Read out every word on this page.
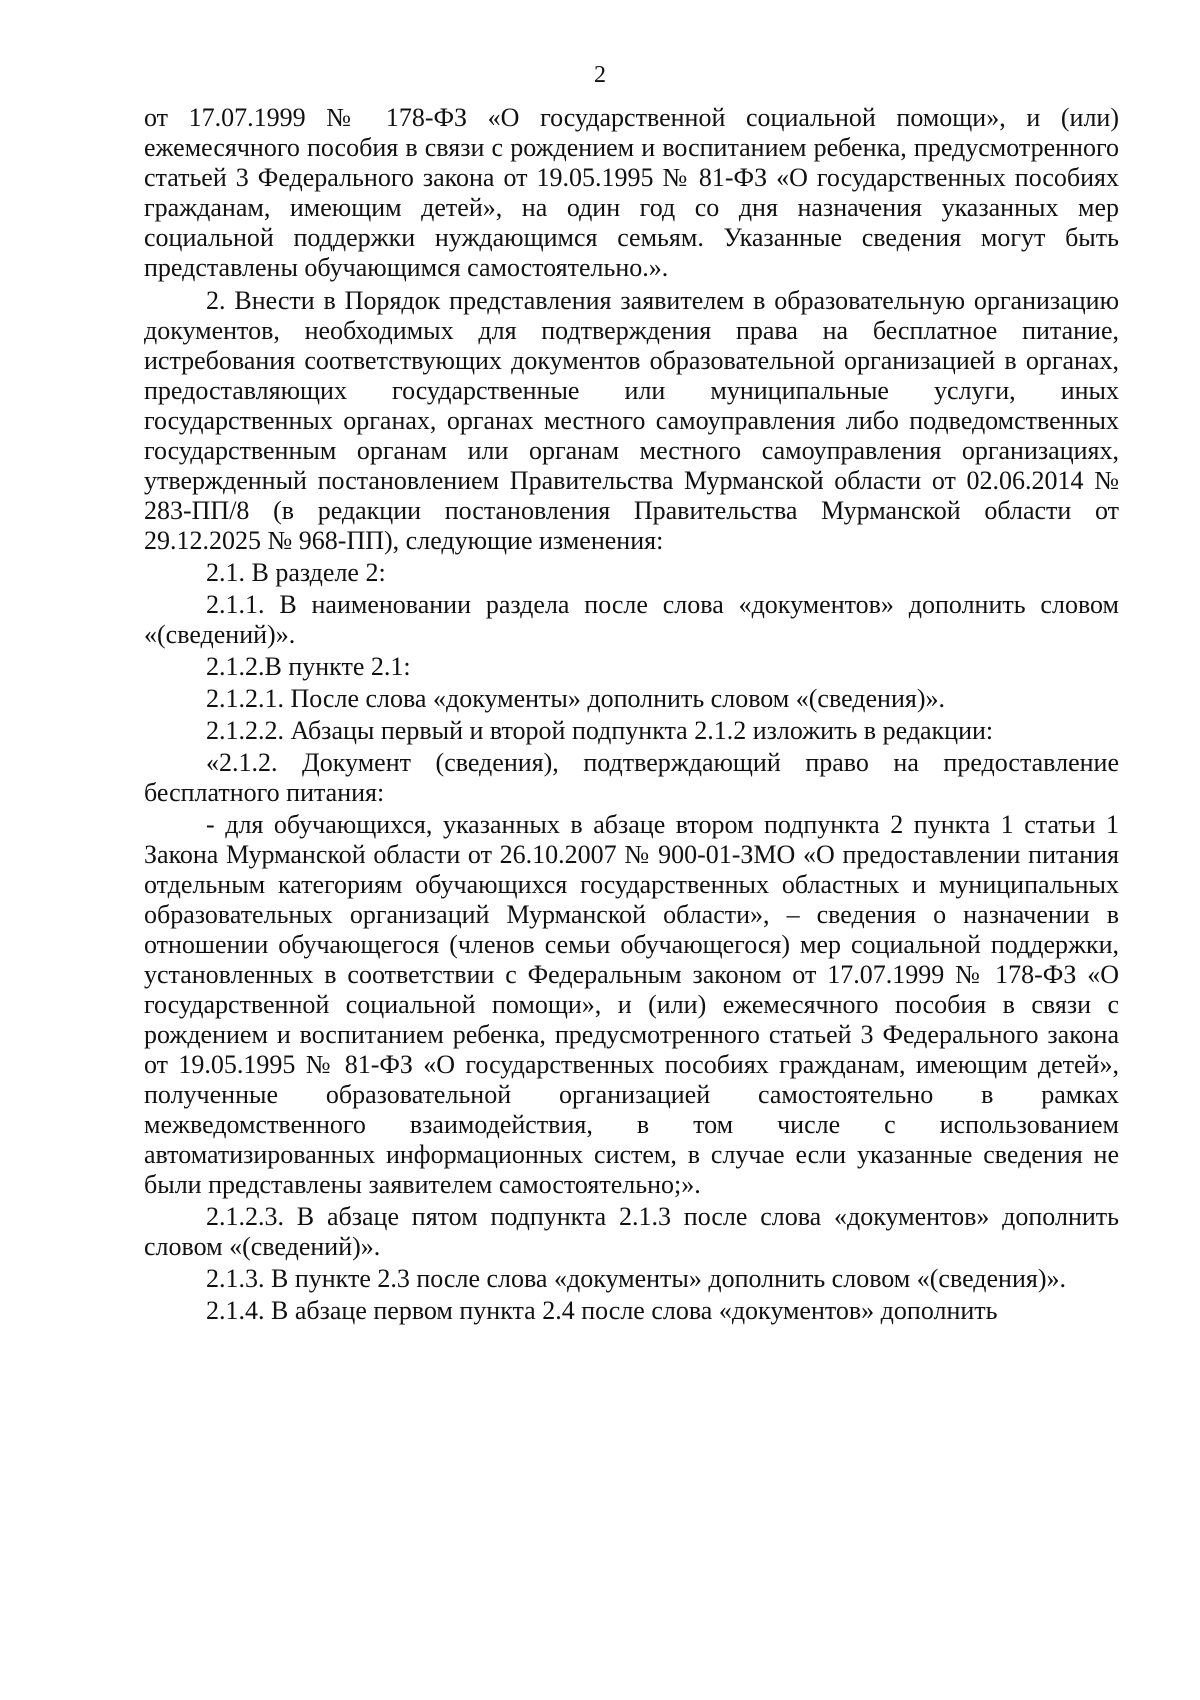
2

от 17.07.1999 № 178-ФЗ «О государственной социальной помощи», и (или) ежемесячного пособия в связи с рождением и воспитанием ребенка, предусмотренного статьей 3 Федерального закона от 19.05.1995 № 81-ФЗ «О государственных пособиях гражданам, имеющим детей», на один год со дня назначения указанных мер социальной поддержки нуждающимся семьям. Указанные сведения могут быть представлены обучающимся самостоятельно.».

2. Внести в Порядок представления заявителем в образовательную организацию документов, необходимых для подтверждения права на бесплатное питание, истребования соответствующих документов образовательной организацией в органах, предоставляющих государственные или муниципальные услуги, иных государственных органах, органах местного самоуправления либо подведомственных государственным органам или органам местного самоуправления организациях, утвержденный постановлением Правительства Мурманской области от 02.06.2014 № 283-ПП/8 (в редакции постановления Правительства Мурманской области от 29.12.2025 № 968-ПП), следующие изменения:

2.1. В разделе 2:

2.1.1. В наименовании раздела после слова «документов» дополнить словом «(сведений)».

2.1.2.В пункте 2.1:

2.1.2.1. После слова «документы» дополнить словом «(сведения)».

2.1.2.2. Абзацы первый и второй подпункта 2.1.2 изложить в редакции:

«2.1.2. Документ (сведения), подтверждающий право на предоставление бесплатного питания:

- для обучающихся, указанных в абзаце втором подпункта 2 пункта 1 статьи 1 Закона Мурманской области от 26.10.2007 № 900-01-ЗМО «О предоставлении питания отдельным категориям обучающихся государственных областных и муниципальных образовательных организаций Мурманской области», – сведения о назначении в отношении обучающегося (членов семьи обучающегося) мер социальной поддержки, установленных в соответствии с Федеральным законом от 17.07.1999 № 178-ФЗ «О государственной социальной помощи», и (или) ежемесячного пособия в связи с рождением и воспитанием ребенка, предусмотренного статьей 3 Федерального закона от 19.05.1995 № 81-ФЗ «О государственных пособиях гражданам, имеющим детей», полученные образовательной организацией самостоятельно в рамках межведомственного взаимодействия, в том числе с использованием автоматизированных информационных систем, в случае если указанные сведения не были представлены заявителем самостоятельно;».

2.1.2.3. В абзаце пятом подпункта 2.1.3 после слова «документов» дополнить словом «(сведений)».

2.1.3. В пункте 2.3 после слова «документы» дополнить словом «(сведения)».

2.1.4. В абзаце первом пункта 2.4 после слова «документов» дополнить
